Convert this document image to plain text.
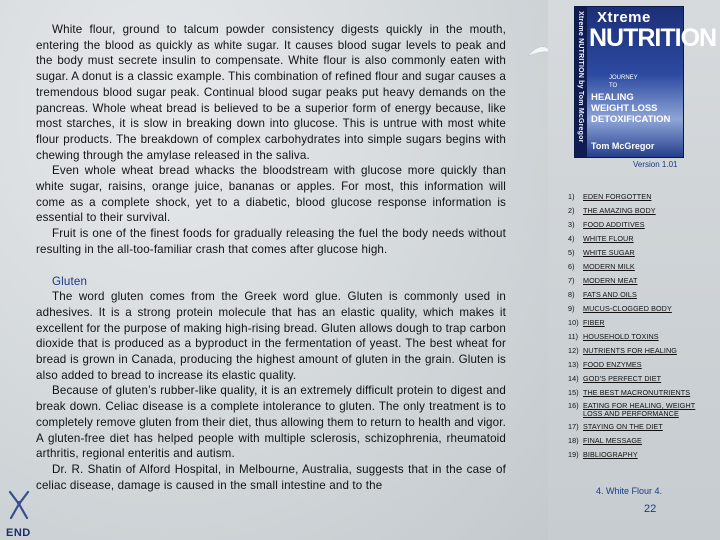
White flour, ground to talcum powder consistency digests quickly in the mouth, entering the blood as quickly as white sugar. It causes blood sugar levels to peak and the body must secrete insulin to compensate. White flour is also commonly eaten with sugar. A donut is a classic example. This combination of refined flour and sugar causes a tremendous blood sugar peak. Continual blood sugar peaks put heavy demands on the pancreas. Whole wheat bread is believed to be a superior form of energy because, like most starches, it is slow in breaking down into glucose. This is untrue with most white flour products. The breakdown of complex carbohydrates into simple sugars begins with chewing through the amylase released in the saliva.

Even whole wheat bread whacks the bloodstream with glucose more quickly than white sugar, raisins, orange juice, bananas or apples. For most, this information will come as a complete shock, yet to a diabetic, blood glucose response information is essential to their survival.

Fruit is one of the finest foods for gradually releasing the fuel the body needs without resulting in the all-too-familiar crash that comes after glucose high.

Gluten

The word gluten comes from the Greek word glue. Gluten is commonly used in adhesives. It is a strong protein molecule that has an elastic quality, which makes it excellent for the purpose of making high-rising bread. Gluten allows dough to trap carbon dioxide that is produced as a byproduct in the fermentation of yeast. The best wheat for bread is grown in Canada, producing the highest amount of gluten in the grain. Gluten is also added to bread to increase its elastic quality.

Because of gluten’s rubber-like quality, it is an extremely difficult protein to digest and break down. Celiac disease is a complete intolerance to gluten. The only treatment is to completely remove gluten from their diet, thus allowing them to return to health and vigor. A gluten-free diet has helped people with multiple sclerosis, schizophrenia, rheumatoid arthritis, regional enteritis and autism.

Dr. R. Shatin of Alford Hospital, in Melbourne, Australia, suggests that in the case of celiac disease, damage is caused in the small intestine and to the

END
Xtreme NUTRITION by Tom McGregor Xtreme
NUTRITION
JOURNEY
TO
HEALING
WEIGHT LOSS
DETOXIFICATION
Tom McGregor
Version 1.01
1) EDEN FORGOTTEN
2) THE AMAZING BODY
3) FOOD ADDITIVES
4) WHITE FLOUR
5) WHITE SUGAR
6) MODERN MILK
7) MODERN MEAT
8) FATS AND OILS
9) MUCUS-CLOGGED BODY
10) FIBER
11) HOUSEHOLD TOXINS
12) NUTRIENTS FOR HEALING
13) FOOD ENZYMES
14) GOD'S PERFECT DIET
15) THE BEST MACRONUTRIENTS
16) EATING FOR HEALING, WEIGHT LOSS AND PERFORMANCE
17) STAYING ON THE DIET
18) FINAL MESSAGE
19) BIBLIOGRAPHY
4. White Flour 4.
22
